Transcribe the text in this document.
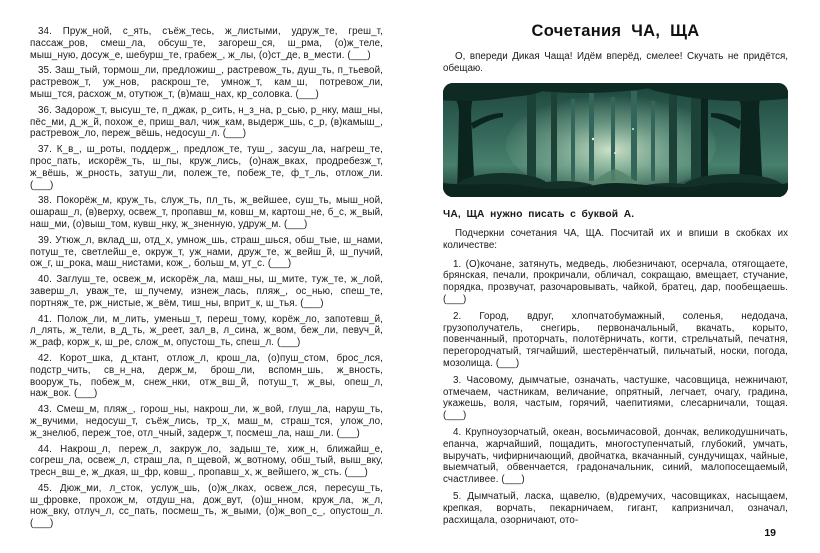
34. Пруж_ной, с_ять, съёж_тесь, ж_листыми, удруж_те, греш_т, пассаж_ров, смеш_ла, обсуш_те, загореш_ся, ш_рма, (о)ж_теле, мыш_ную, досуж_е, шебурш_те, грабеж_, ж_лы, (о)ст_де, в_мести. (___)

35. Заш_тый, тормош_ли, предложиш_, растревож_ть, душ_ть, п_тьевой, растревож_т, уж_нов, раскрош_те, умнож_т, кам_ш, потревож_ли, мыш_тся, расхож_м, отутюж_т, (в)маш_нах, кр_соловка. (___)

36. Задорож_т, высуш_те, п_джак, р_сить, н_з_на, р_сью, р_нку, маш_ны, пёс_ми, д_ж_й, похож_е, приш_вал, чиж_кам, выдерж_шь, с_р, (в)камыш_, растревож_ло, переж_вёшь, недосуш_л. (___)

37. К_в_, ш_роты, поддерж_, предлож_те, туш_, засуш_ла, нагреш_те, прос_пать, искорёж_ть, ш_пы, круж_лись, (о)наж_вках, продребезж_т, ж_вёшь, ж_рность, затуш_ли, полеж_те, побеж_те, ф_т_ль, отлож_ли. (___)

38. Покорёж_м, круж_ть, служ_ть, пл_ть, ж_вейшее, суш_ть, мыш_ной, ошараш_л, (в)верху, освеж_т, пропавш_м, ковш_м, картош_не, б_с, ж_вый, наш_ми, (о)выш_том, кувш_нку, ж_зненную, удруж_м. (___)

39. Утюж_л, вклад_ш, отд_х, умнож_шь, страш_шься, обш_тые, ш_нами, потуш_те, светлейш_е, окруж_т, уж_нами, друж_те, ж_вейш_й, ш_пучий, ож_г, ш_рока, маш_нистами, кож_, больш_м, ут_с. (___)

40. Заглуш_те, освеж_м, искорёж_ла, маш_ны, ш_мите, туж_те, ж_лой, заверш_л, уваж_те, ш_пучему, изнеж_лась, пляж_, ос_нью, спеш_те, портняж_те, рж_нистые, ж_вём, тиш_ны, вприт_к, ш_тья. (___)

41. Полож_ли, м_лить, уменьш_т, переш_тому, корёж_ло, запотевш_й, л_лять, ж_тели, в_д_ть, ж_реет, зал_в, л_сина, ж_вом, беж_ли, певуч_й, ж_раф, корж_к, ш_ре, слож_м, опустош_ть, спеш_л. (___)

42. Корот_шка, д_ктант, отлож_л, крош_ла, (о)пуш_стом, брос_лся, подстр_чить, св_н_на, держ_м, брош_ли, вспомн_шь, ж_вность, вооруж_ть, побеж_м, снеж_нки, отж_вш_й, потуш_т, ж_вы, опеш_л, наж_вок. (___)

43. Смеш_м, пляж_, горош_ны, накрош_ли, ж_вой, глуш_ла, наруш_ть, ж_вучими, недосуш_т, съёж_лись, тр_х, маш_м, страш_тся, улож_ло, ж_знелюб, переж_тое, отл_чный, задерж_т, посмеш_ла, наш_ли. (___)

44. Накрош_л, переж_л, закруж_ло, задыш_те, хиж_н, ближайш_е, согреш_ла, освеж_л, страш_ла, п_щевой, ж_вотному, обш_тый, выш_вку, тресн_вш_е, ж_дкая, ш_фр, ковш_, пропавш_х, ж_вейшего, ж_сть. (___)

45. Дюж_ми, л_сток, услуж_шь, (о)ж_лках, освеж_лся, пересуш_ть, ш_фровке, прохож_м, отдуш_на, дож_вут, (о)ш_нном, круж_ла, ж_л, нож_вку, отлуч_л, сс_пать, посмеш_ть, ж_выми, (о)ж_воп_с_, опустош_л. (___)

Сочетания ЧА, ЩА

О, впереди Дикая Чаща! Идём вперёд, смелее! Скучать не придётся, обещаю.

ЧА, ЩА нужно писать с буквой А.

Подчеркни сочетания ЧА, ЩА. Посчитай их и впиши в скобках их количестве:

1. (О)кочане, затянуть, медведь, любезничают, осерчала, отягощаете, брянская, печали, прокричали, обличал, сокращаю, вмещает, стучание, порядка, прозвучат, разочаровывать, чайкой, братец, дар, пообещаешь. (___)

2. Город, вдруг, хлопчатобумажный, соленья, недодача, грузополучатель, снегирь, первоначальный, вкачать, корыто, повенчанный, проторчать, полотёрничать, когти, стрельчатый, печатня, перегородчатый, тягчайший, шестерёнчатый, пильчатый, носки, погода, мозолища. (___)

3. Часовому, дымчатые, означать, частушке, часовщица, нежничают, отмечаем, частникам, величание, опрятный, легчает, очагу, градина, укажешь, воля, частым, горячий, чаепитиями, слесарничали, тощая. (___)

4. Крупноузорчатый, океан, восьмичасовой, дончак, великодушничать, епанча, жарчайший, пощадить, многоступенчатый, глубокий, умчать, выручать, чифирничающий, двойчатка, вкачанный, сундучищах, чайные, выемчатый, обвенчается, градоначальник, синий, малопосещаемый, счастливее. (___)

5. Дымчатый, ласка, щавелю, (в)дремучих, часовщиках, насыщаем, крепкая, ворчать, пекарничаем, гигант, капризничал, означал, расхищала, озорничают, ото-

19
